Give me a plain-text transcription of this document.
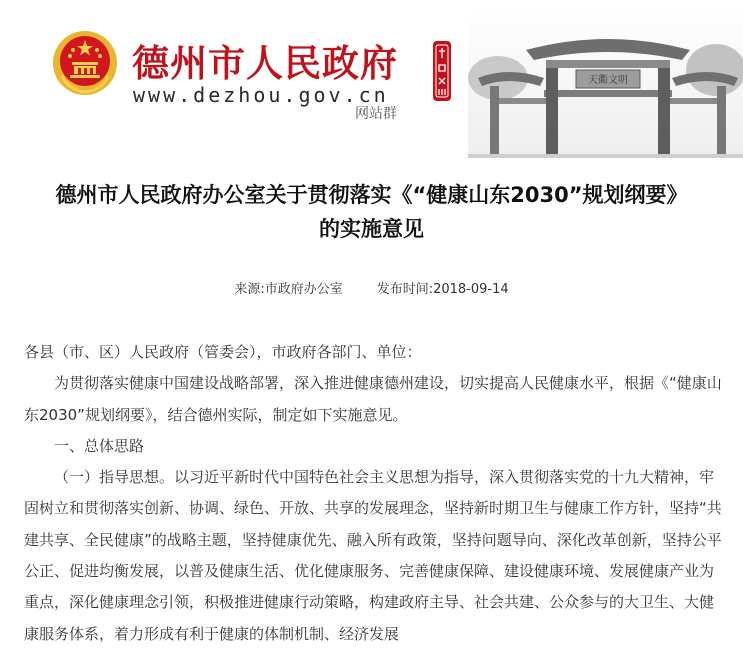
德州市人民政府
www.dezhou.gov.cn
网站群
天衢文明
德州市人民政府办公室关于贯彻落实《“健康山东2030”规划纲要》
的实施意见
来源:市政府办公室	发布时间:2018-09-14

各县（市、区）人民政府（管委会），市政府各部门、单位：

为贯彻落实健康中国建设战略部署，深入推进健康德州建设，切实提高人民健康水平，根据《“健康山东2030”规划纲要》，结合德州实际，制定如下实施意见。

一、总体思路

（一）指导思想。以习近平新时代中国特色社会主义思想为指导，深入贯彻落实党的十九大精神，牢固树立和贯彻落实创新、协调、绿色、开放、共享的发展理念，坚持新时期卫生与健康工作方针，坚持“共建共享、全民健康”的战略主题，坚持健康优先、融入所有政策，坚持问题导向、深化改革创新，坚持公平公正、促进均衡发展，以普及健康生活、优化健康服务、完善健康保障、建设健康环境、发展健康产业为重点，深化健康理念引领，积极推进健康行动策略，构建政府主导、社会共建、公众参与的大卫生、大健康服务体系，着力形成有利于健康的体制机制、经济发展
